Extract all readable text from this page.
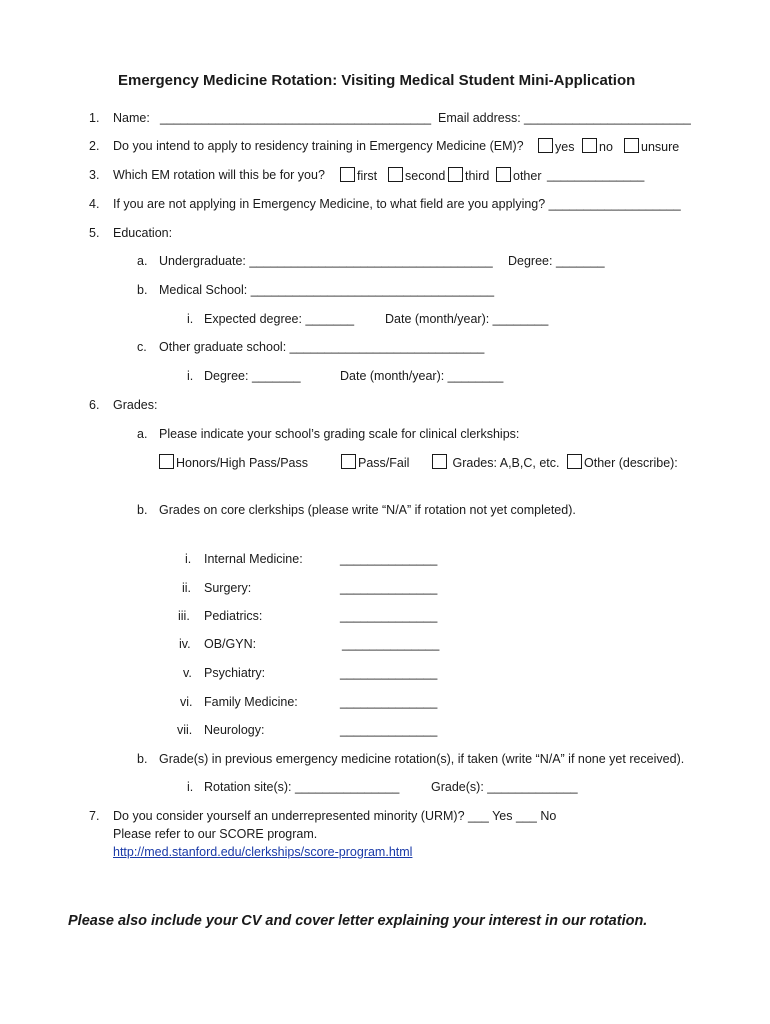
Emergency Medicine Rotation: Visiting Medical Student Mini-Application
1. Name: _______________________________________ Email address: ________________________
2. Do you intend to apply to residency training in Emergency Medicine (EM)?	yes	no	unsure
3. Which EM rotation will this be for you?	first	second	third	other ______________
4. If you are not applying in Emergency Medicine, to what field are you applying? ___________________
5. Education:
a. Undergraduate: ___________________________________ Degree: _______
b. Medical School: ___________________________________
i. Expected degree: _______ Date (month/year): ________
c. Other graduate school: ____________________________
i. Degree: _______	Date (month/year): ________
6. Grades:
a. Please indicate your school’s grading scale for clinical clerkships:
Honors/High Pass/Pass	Pass/Fail	Grades: A,B,C, etc.	Other (describe):
b. Grades on core clerkships (please write “N/A” if rotation not yet completed).
i. Internal Medicine:	______________
ii. Surgery:	______________
iii. Pediatrics:	______________
iv. OB/GYN:	______________
v. Psychiatry:	______________
vi. Family Medicine:	______________
vii. Neurology:	______________
b. Grade(s) in previous emergency medicine rotation(s), if taken (write “N/A” if none yet received).
i. Rotation site(s): _______________	Grade(s): _____________
7. Do you consider yourself an underrepresented minority (URM)? ___ Yes ___ No
Please refer to our SCORE program.
http://med.stanford.edu/clerkships/score-program.html
Please also include your CV and cover letter explaining your interest in our rotation.
